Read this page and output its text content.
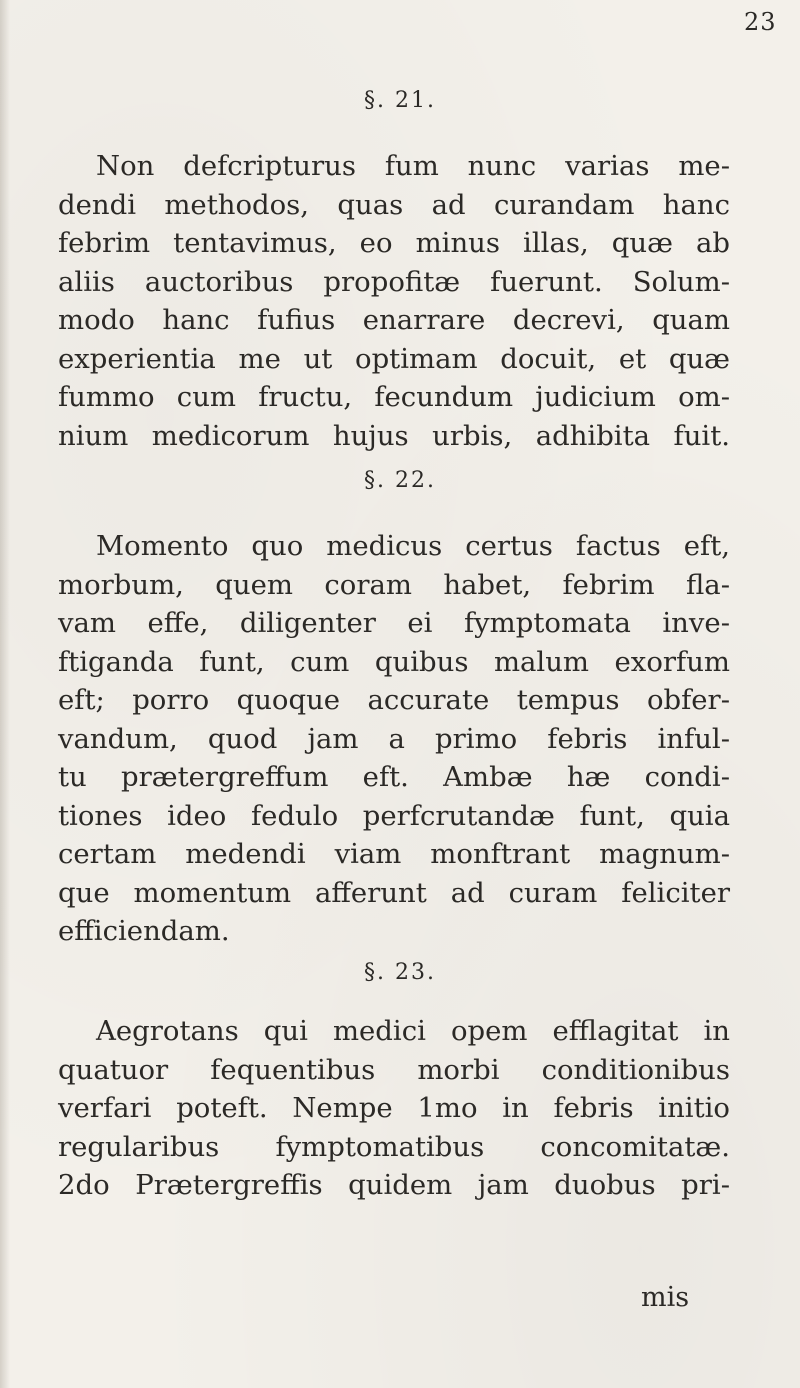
23
§. 21.
Non defcripturus fum nunc varias me-
dendi methodos, quas ad curandam hanc
febrim tentavimus, eo minus illas, quæ ab
aliis auctoribus propofitæ fuerunt. Solum-
modo hanc fufius enarrare decrevi, quam
experientia me ut optimam docuit, et quæ
fummo cum fructu, fecundum judicium om-
nium medicorum hujus urbis, adhibita fuit.
§. 22.
Momento quo medicus certus factus eft,
morbum, quem coram habet, febrim fla-
vam effe, diligenter ei fymptomata inve-
ftiganda funt, cum quibus malum exorfum
eft; porro quoque accurate tempus obfer-
vandum, quod jam a primo febris inful-
tu prætergreffum eft. Ambæ hæ condi-
tiones ideo fedulo perfcrutandæ funt, quia
certam medendi viam monftrant magnum-
que momentum afferunt ad curam feliciter
efficiendam.
§. 23.
Aegrotans qui medici opem efflagitat in
quatuor fequentibus morbi conditionibus
verfari poteft. Nempe 1mo in febris initio
regularibus fymptomatibus concomitatæ.
2do Prætergreffis quidem jam duobus pri-
mis
